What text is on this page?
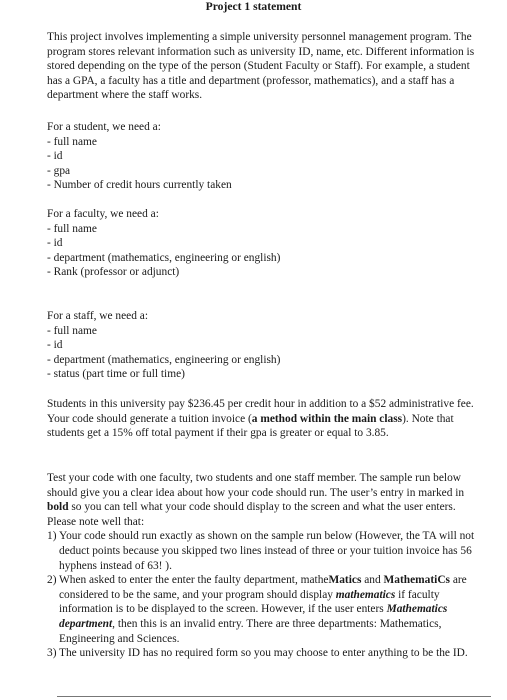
Project 1 statement

This project involves implementing a simple university personnel management program. The program stores relevant information such as university ID, name, etc. Different information is stored depending on the type of the person (Student Faculty or Staff). For example, a student has a GPA, a faculty has a title and department (professor, mathematics), and a staff has a department where the staff works.

For a student, we need a:
- full name
- id
- gpa
- Number of credit hours currently taken
For a faculty, we need a:
- full name
- id
- department (mathematics, engineering or english)
- Rank (professor or adjunct)
For a staff, we need a:
- full name
- id
- department (mathematics, engineering or english)
- status (part time or full time)

Students in this university pay $236.45 per credit hour in addition to a $52 administrative fee. Your code should generate a tuition invoice (a method within the main class). Note that students get a 15% off total payment if their gpa is greater or equal to 3.85.

Test your code with one faculty, two students and one staff member. The sample run below should give you a clear idea about how your code should run. The user’s entry in marked in bold so you can tell what your code should display to the screen and what the user enters.

Please note well that:
1) Your code should run exactly as shown on the sample run below (However, the TA will not deduct points because you skipped two lines instead of three or your tuition invoice has 56 hyphens instead of 63! ).
2) When asked to enter the enter the faulty department, matheMatics and MathematiCs are considered to be the same, and your program should display mathematics if faculty information is to be displayed to the screen. However, if the user enters Mathematics department, then this is an invalid entry. There are three departments: Mathematics, Engineering and Sciences.
3) The university ID has no required form so you may choose to enter anything to be the ID.
